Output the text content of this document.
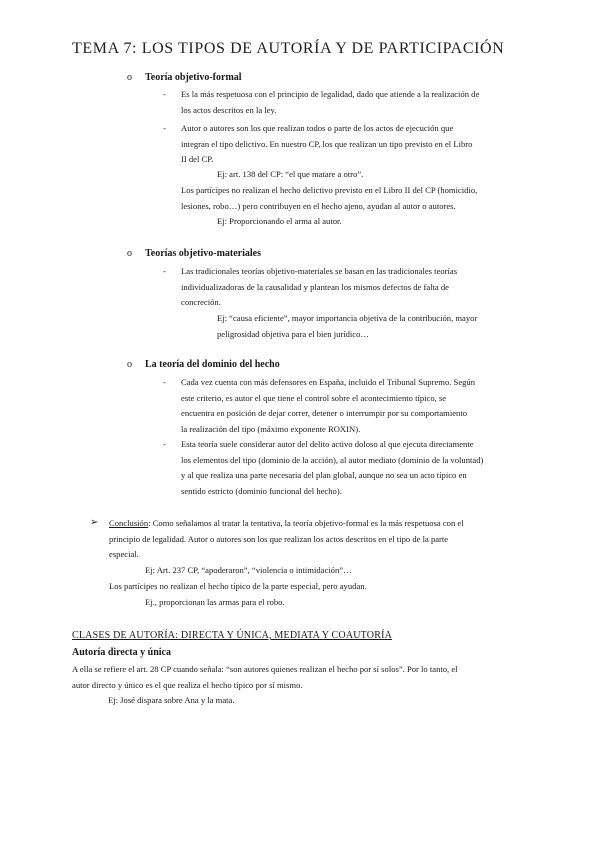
TEMA 7: LOS TIPOS DE AUTORÍA Y DE PARTICIPACIÓN
o Teoría objetivo-formal
- Es la más respetuosa con el principio de legalidad, dado que atiende a la realización de
los actos descritos en la ley.
- Autor o autores son los que realizan todos o parte de los actos de ejecución que
integran el tipo delictivo. En nuestro CP, los que realizan un tipo previsto en el Libro
II del CP.
Ej: art. 138 del CP: “el que matare a otro”.
Los partícipes no realizan el hecho delictivo previsto en el Libro II del CP (homicidio,
lesiones, robo…) pero contribuyen en el hecho ajeno, ayudan al autor o autores.
Ej: Proporcionando el arma al autor.
o Teorías objetivo-materiales
- Las tradicionales teorías objetivo-materiales se basan en las tradicionales teorías
individualizadoras de la causalidad y plantean los mismos defectos de falta de
concreción.
Ej: “causa eficiente”, mayor importancia objetiva de la contribución, mayor
peligrosidad objetiva para el bien jurídico…
o La teoría del dominio del hecho
- Cada vez cuenta con más defensores en España, incluido el Tribunal Supremo. Según
este criterio, es autor el que tiene el control sobre el acontecimiento típico, se
encuentra en posición de dejar correr, detener o interrumpir por su comportamiento
la realización del tipo (máximo exponente ROXIN).
- Esta teoría suele considerar autor del delito activo doloso al que ejecuta directamente
los elementos del tipo (dominio de la acción), al autor mediato (dominio de la voluntad)
y al que realiza una parte necesaria del plan global, aunque no sea un acto típico en
sentido estricto (dominio funcional del hecho).
➢ Conclusión: Como señalamos al tratar la tentativa, la teoría objetivo-formal es la más respetuosa con el
principio de legalidad. Autor o autores son los que realizan los actos descritos en el tipo de la parte
especial.
Ej: Art. 237 CP, “apoderaron”, “violencia o intimidación”…
Los partícipes no realizan el hecho típico de la parte especial, pero ayudan.
Ej., proporcionan las armas para el robo.
CLASES DE AUTORÍA: DIRECTA Y ÚNICA, MEDIATA Y COAUTORÍA
Autoría directa y única
A ella se refiere el art. 28 CP cuando señala: “son autores quienes realizan el hecho por sí solos”. Por lo tanto, el
autor directo y único es el que realiza el hecho típico por sí mismo.
Ej: José dispara sobre Ana y la mata.
